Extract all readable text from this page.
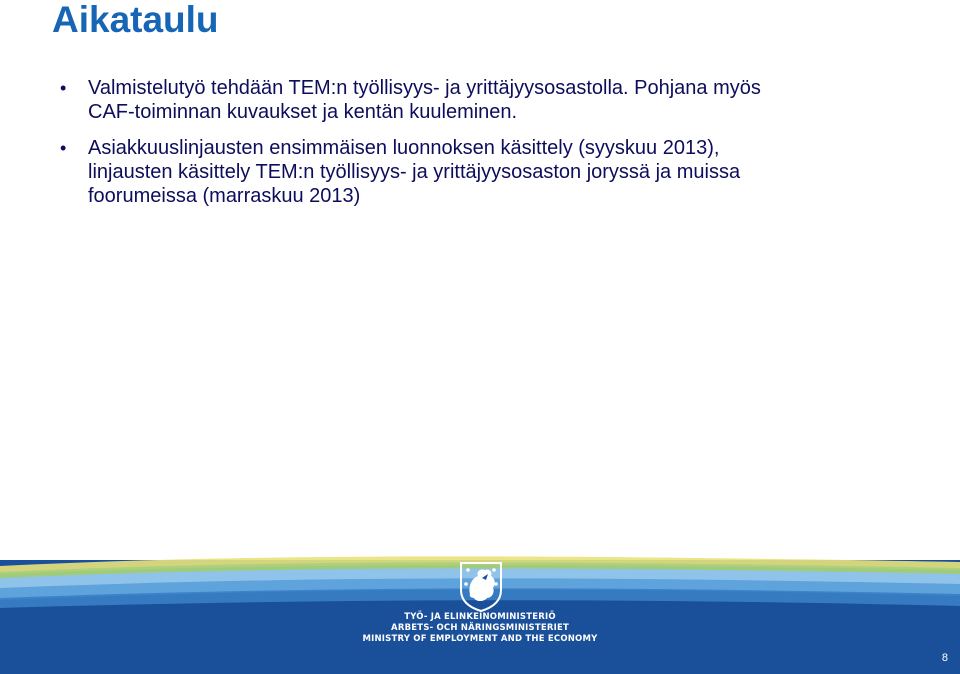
Aikataulu
• Valmistelutyö tehdään TEM:n työllisyys- ja yrittäjyysosastolla. Pohjana myös
CAF-toiminnan kuvaukset ja kentän kuuleminen.
• Asiakkuuslinjausten ensimmäisen luonnoksen käsittely (syyskuu 2013),
linjausten käsittely TEM:n työllisyys- ja yrittäjyysosaston joryssä ja muissa
foorumeissa (marraskuu 2013)
TYÖ- JA ELINKEINOMINISTERIÖ
ARBETS- OCH NÄRINGSMINISTERIET
MINISTRY OF EMPLOYMENT AND THE ECONOMY
8
